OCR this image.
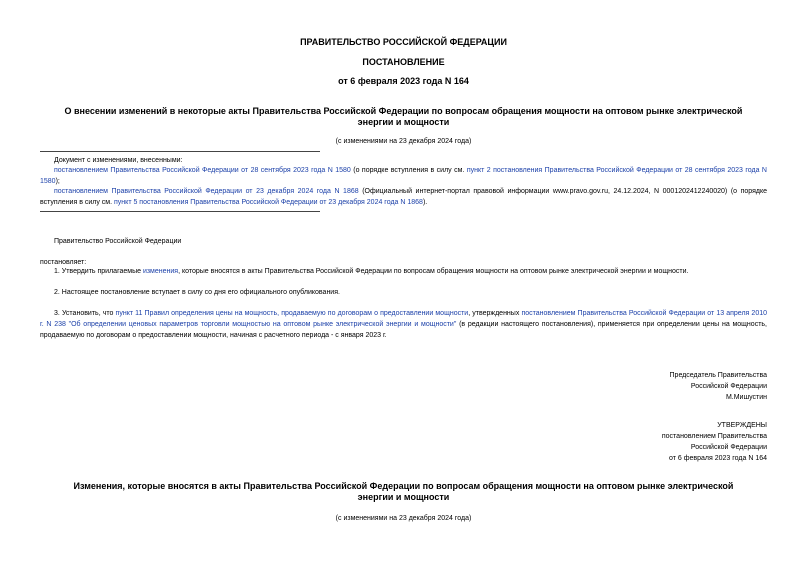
ПРАВИТЕЛЬСТВО РОССИЙСКОЙ ФЕДЕРАЦИИ
ПОСТАНОВЛЕНИЕ
от 6 февраля 2023 года N 164
О внесении изменений в некоторые акты Правительства Российской Федерации по вопросам обращения мощности на оптовом рынке электрической энергии и мощности
(с изменениями на 23 декабря 2024 года)
Документ с изменениями, внесенными:
постановлением Правительства Российской Федерации от 28 сентября 2023 года N 1580 (о порядке вступления в силу см. пункт 2 постановления Правительства Российской Федерации от 28 сентября 2023 года N 1580);
постановлением Правительства Российской Федерации от 23 декабря 2024 года N 1868 (Официальный интернет-портал правовой информации www.pravo.gov.ru, 24.12.2024, N 0001202412240020) (о порядке вступления в силу см. пункт 5 постановления Правительства Российской Федерации от 23 декабря 2024 года N 1868).
Правительство Российской Федерации
постановляет:
1. Утвердить прилагаемые изменения, которые вносятся в акты Правительства Российской Федерации по вопросам обращения мощности на оптовом рынке электрической энергии и мощности.
2. Настоящее постановление вступает в силу со дня его официального опубликования.
3. Установить, что пункт 11 Правил определения цены на мощность, продаваемую по договорам о предоставлении мощности, утвержденных постановлением Правительства Российской Федерации от 13 апреля 2010 г. N 238 "Об определении ценовых параметров торговли мощностью на оптовом рынке электрической энергии и мощности" (в редакции настоящего постановления), применяется при определении цены на мощность, продаваемую по договорам о предоставлении мощности, начиная с расчетного периода - с января 2023 г.
Председатель Правительства
Российской Федерации
М.Мишустин
УТВЕРЖДЕНЫ
постановлением Правительства
Российской Федерации
от 6 февраля 2023 года N 164
Изменения, которые вносятся в акты Правительства Российской Федерации по вопросам обращения мощности на оптовом рынке электрической энергии и мощности
(с изменениями на 23 декабря 2024 года)
